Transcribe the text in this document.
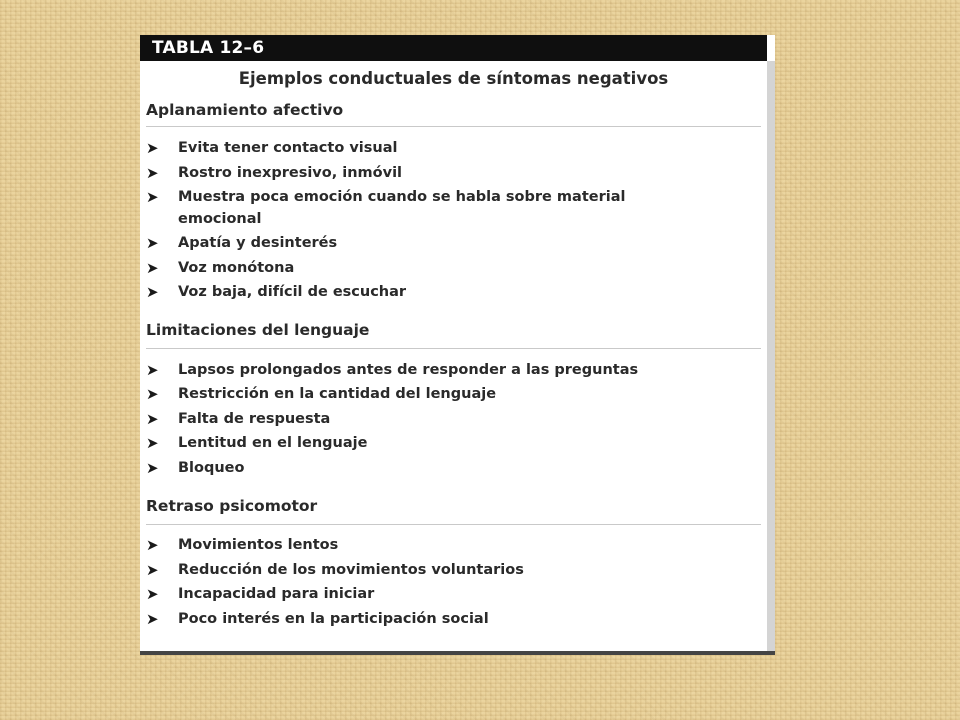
TABLA 12–6
Ejemplos conductuales de síntomas negativos
Aplanamiento afectivo
➤	Evita tener contacto visual
➤	Rostro inexpresivo, inmóvil
➤	Muestra poca emoción cuando se habla sobre material emocional
➤	Apatía y desinterés
➤	Voz monótona
➤	Voz baja, difícil de escuchar
Limitaciones del lenguaje
➤	Lapsos prolongados antes de responder a las preguntas
➤	Restricción en la cantidad del lenguaje
➤	Falta de respuesta
➤	Lentitud en el lenguaje
➤	Bloqueo
Retraso psicomotor
➤	Movimientos lentos
➤	Reducción de los movimientos voluntarios
➤	Incapacidad para iniciar
➤	Poco interés en la participación social
